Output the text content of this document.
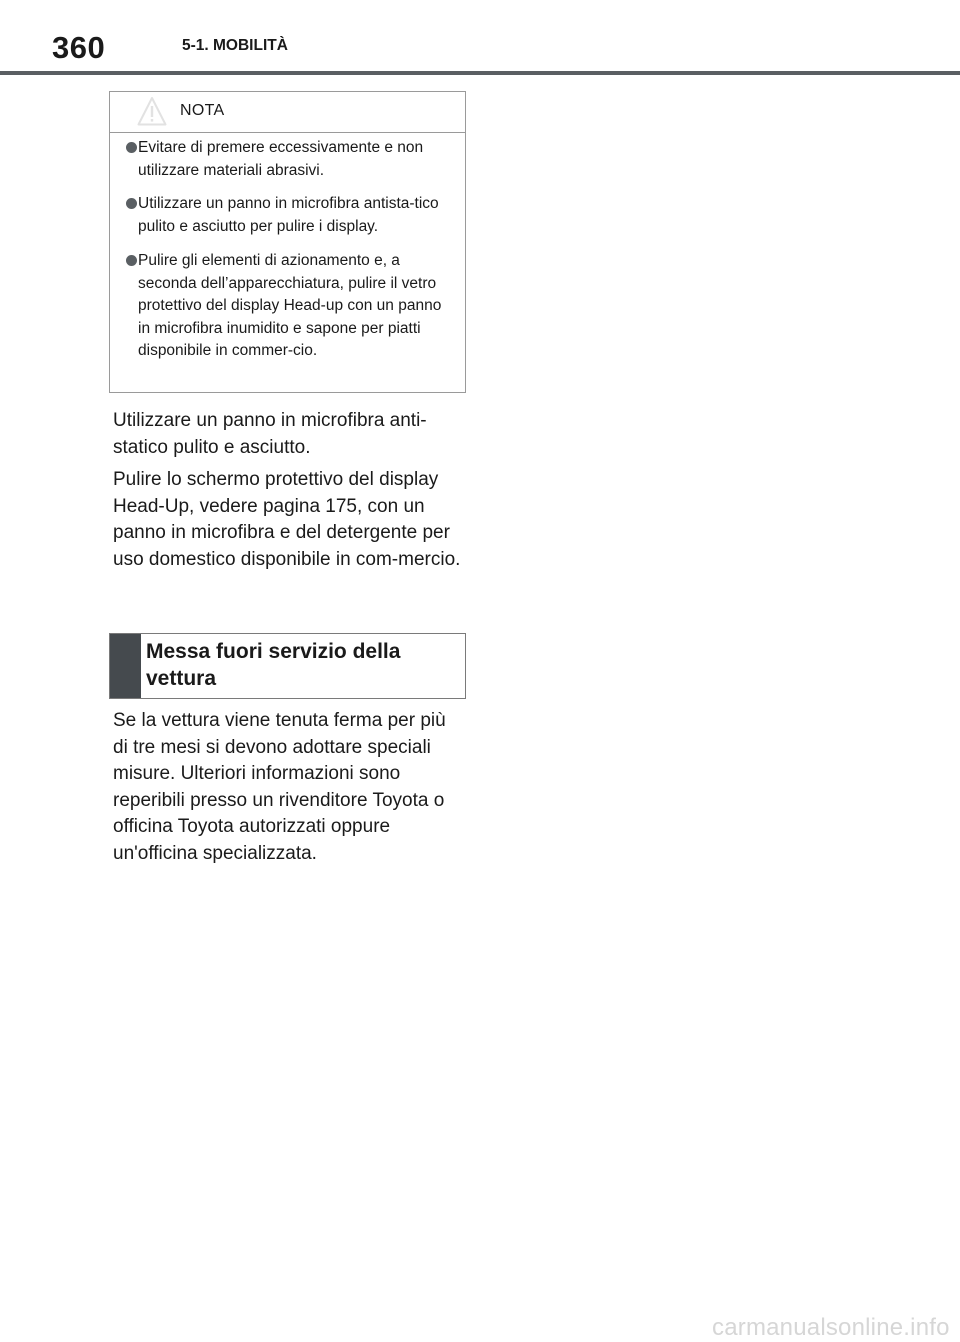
360	5-1. MOBILITÀ
NOTA
Evitare di premere eccessivamente e non utilizzare materiali abrasivi.
Utilizzare un panno in microfibra antista-tico pulito e asciutto per pulire i display.
Pulire gli elementi di azionamento e, a seconda dell’apparecchiatura, pulire il vetro protettivo del display Head-up con un panno in microfibra inumidito e sapone per piatti disponibile in commer-cio.
Utilizzare un panno in microfibra anti-statico pulito e asciutto.
Pulire lo schermo protettivo del display Head-Up, vedere pagina 175, con un panno in microfibra e del detergente per uso domestico disponibile in com-mercio.
Messa fuori servizio della vettura
Se la vettura viene tenuta ferma per più di tre mesi si devono adottare speciali misure. Ulteriori informazioni sono reperibili presso un rivenditore Toyota o officina Toyota autorizzati oppure un'officina specializzata.
carmanualsonline.info
